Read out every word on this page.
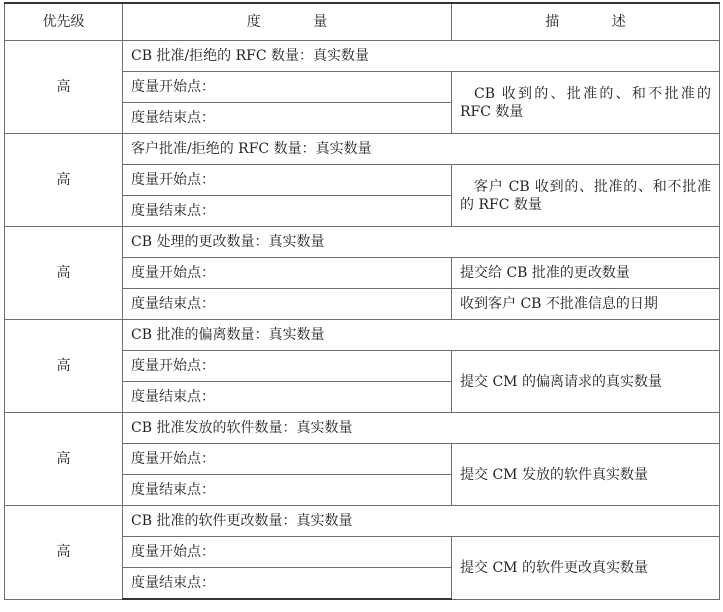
优先级	度 量	描 述
高	CB 批准/拒绝的 RFC 数量：真实数量	
	度量开始点：	CB 收到的、批准的、和不批准的 RFC 数量
	度量结束点：	
高	客户批准/拒绝的 RFC 数量：真实数量	
	度量开始点：	客户 CB 收到的、批准的、和不批准的 RFC 数量
	度量结束点：	
高	CB 处理的更改数量：真实数量	
	度量开始点：	提交给 CB 批准的更改数量
	度量结束点：	收到客户 CB 不批准信息的日期
高	CB 批准的偏离数量：真实数量	
	度量开始点：	提交 CM 的偏离请求的真实数量
	度量结束点：	
高	CB 批准发放的软件数量：真实数量	
	度量开始点：	提交 CM 发放的软件真实数量
	度量结束点：	
高	CB 批准的软件更改数量：真实数量	
	度量开始点：	提交 CM 的软件更改真实数量
	度量结束点：	
